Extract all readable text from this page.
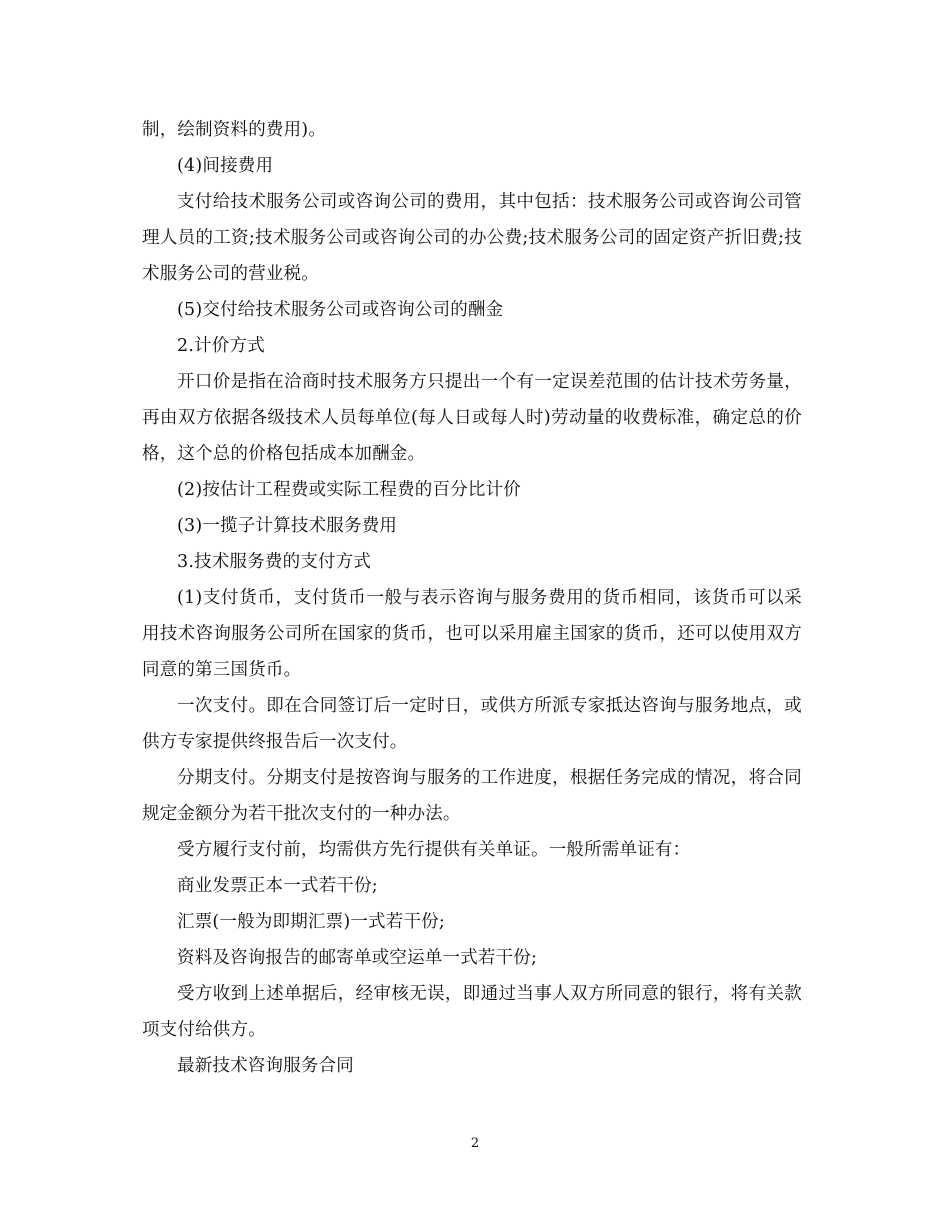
制，绘制资料的费用)。

(4)间接费用

支付给技术服务公司或咨询公司的费用，其中包括：技术服务公司或咨询公司管理人员的工资;技术服务公司或咨询公司的办公费;技术服务公司的固定资产折旧费;技术服务公司的营业税。

(5)交付给技术服务公司或咨询公司的酬金

2.计价方式

开口价是指在洽商时技术服务方只提出一个有一定误差范围的估计技术劳务量，再由双方依据各级技术人员每单位(每人日或每人时)劳动量的收费标准，确定总的价格，这个总的价格包括成本加酬金。

(2)按估计工程费或实际工程费的百分比计价

(3)一揽子计算技术服务费用

3.技术服务费的支付方式

(1)支付货币，支付货币一般与表示咨询与服务费用的货币相同，该货币可以采用技术咨询服务公司所在国家的货币，也可以采用雇主国家的货币，还可以使用双方同意的第三国货币。

一次支付。即在合同签订后一定时日，或供方所派专家抵达咨询与服务地点，或供方专家提供终报告后一次支付。

分期支付。分期支付是按咨询与服务的工作进度，根据任务完成的情况，将合同规定金额分为若干批次支付的一种办法。

受方履行支付前，均需供方先行提供有关单证。一般所需单证有：

商业发票正本一式若干份;

汇票(一般为即期汇票)一式若干份;

资料及咨询报告的邮寄单或空运单一式若干份;

受方收到上述单据后，经审核无误，即通过当事人双方所同意的银行，将有关款项支付给供方。

最新技术咨询服务合同

2
